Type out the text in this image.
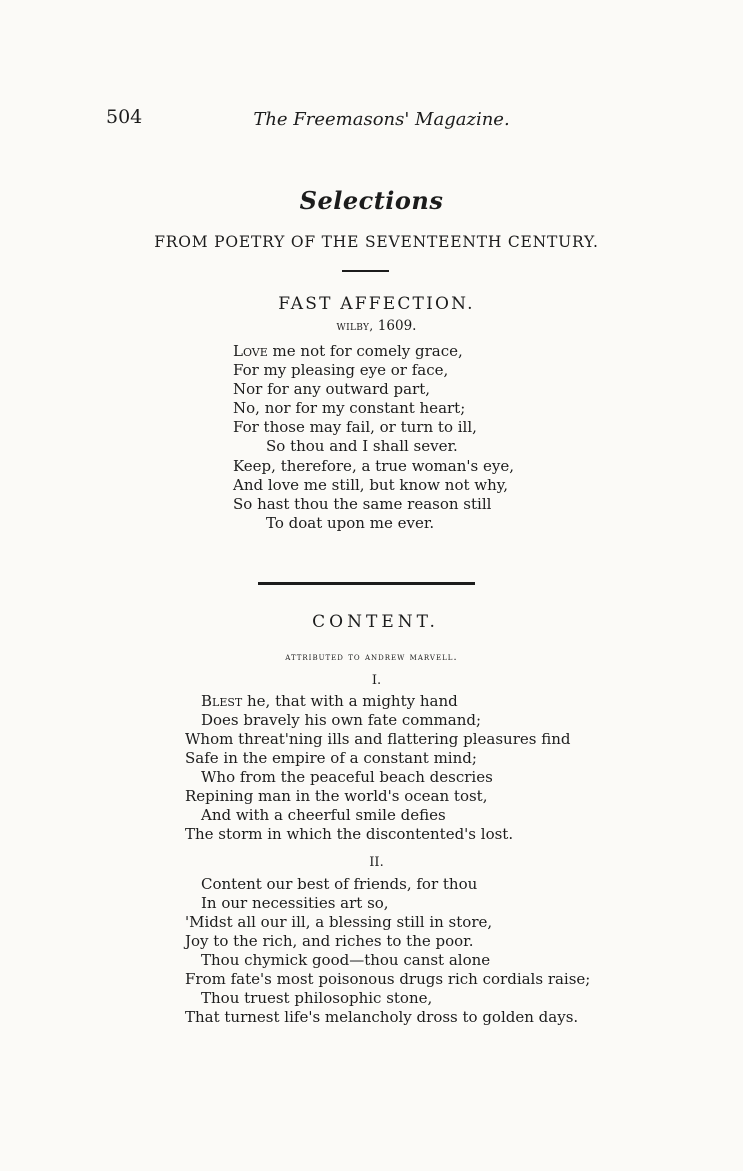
504	The Freemasons' Magazine.
Selections
FROM POETRY OF THE SEVENTEENTH CENTURY.
FAST AFFECTION.
wilby, 1609.
Love me not for comely grace,
For my pleasing eye or face,
Nor for any outward part,
No, nor for my constant heart;
For those may fail, or turn to ill,
So thou and I shall sever.
Keep, therefore, a true woman's eye,
And love me still, but know not why,
So hast thou the same reason still
To doat upon me ever.
CONTENT.
attributed to andrew marvell.
I.
Blest he, that with a mighty hand
Does bravely his own fate command;
Whom threat'ning ills and flattering pleasures find
Safe in the empire of a constant mind;
Who from the peaceful beach descries
Repining man in the world's ocean tost,
And with a cheerful smile defies
The storm in which the discontented's lost.
II.
Content our best of friends, for thou
In our necessities art so,
'Midst all our ill, a blessing still in store,
Joy to the rich, and riches to the poor.
Thou chymick good—thou canst alone
From fate's most poisonous drugs rich cordials raise;
Thou truest philosophic stone,
That turnest life's melancholy dross to golden days.
